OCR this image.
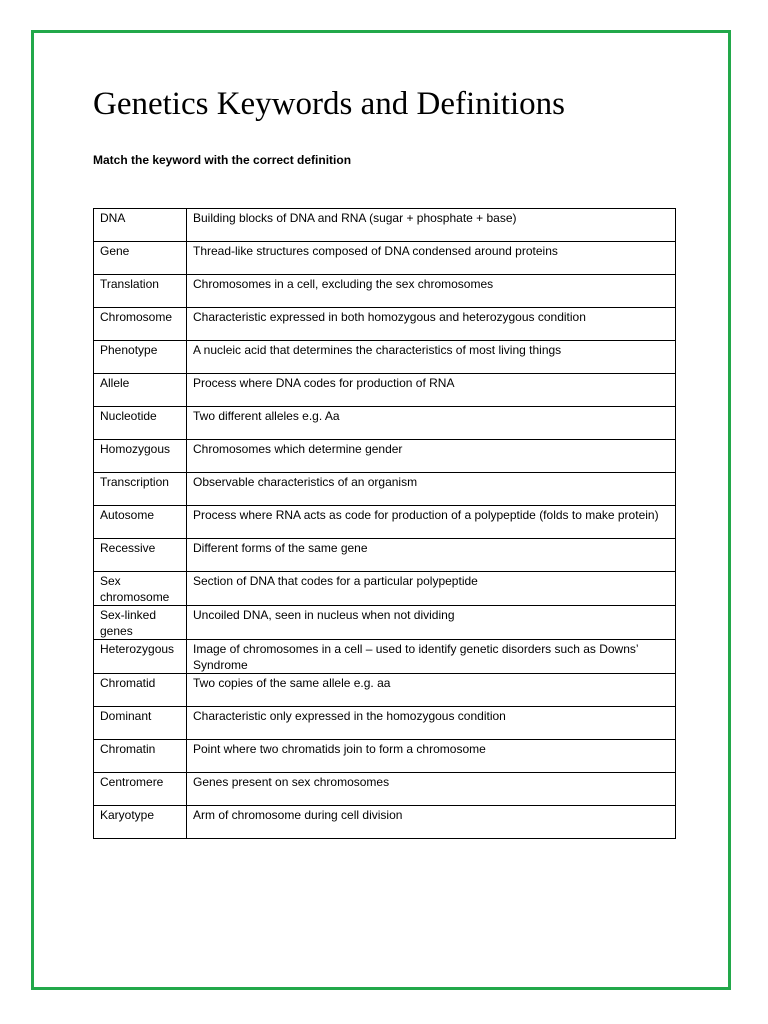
Genetics Keywords and Definitions

Match the keyword with the correct definition

DNA	Building blocks of DNA and RNA (sugar + phosphate + base)
Gene	Thread-like structures composed of DNA condensed around proteins
Translation	Chromosomes in a cell, excluding the sex chromosomes
Chromosome	Characteristic expressed in both homozygous and heterozygous condition
Phenotype	A nucleic acid that determines the characteristics of most living things
Allele	Process where DNA codes for production of RNA
Nucleotide	Two different alleles e.g. Aa
Homozygous	Chromosomes which determine gender
Transcription	Observable characteristics of an organism
Autosome	Process where RNA acts as code for production of a polypeptide (folds to make protein)
Recessive	Different forms of the same gene
Sex chromosome	Section of DNA that codes for a particular polypeptide
Sex-linked genes	Uncoiled DNA, seen in nucleus when not dividing
Heterozygous	Image of chromosomes in a cell – used to identify genetic disorders such as Downs’ Syndrome
Chromatid	Two copies of the same allele e.g. aa
Dominant	Characteristic only expressed in the homozygous condition
Chromatin	Point where two chromatids join to form a chromosome
Centromere	Genes present on sex chromosomes
Karyotype	Arm of chromosome during cell division
